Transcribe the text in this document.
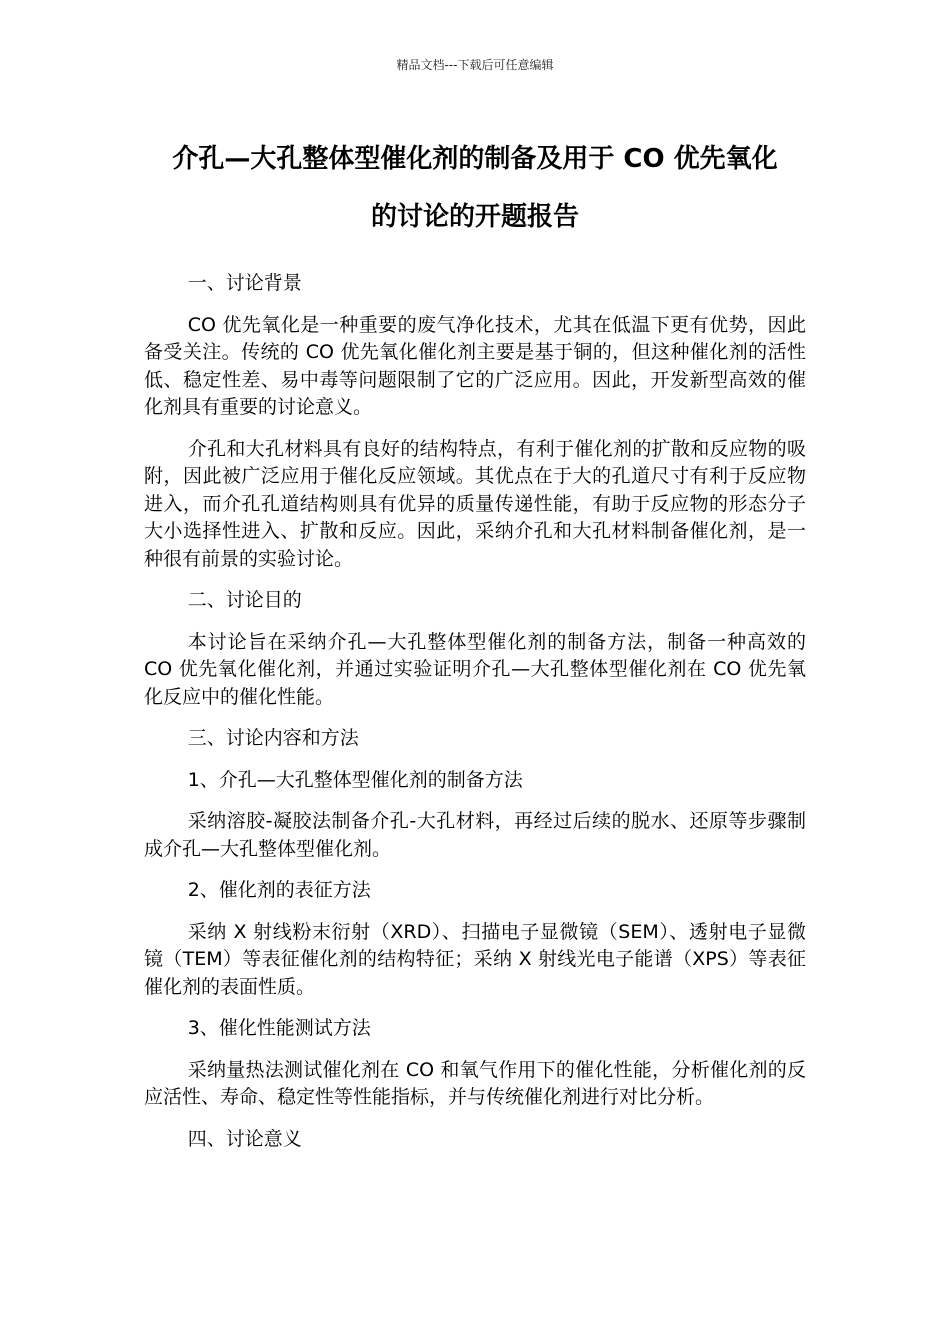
精品文档---下载后可任意编辑
介孔—大孔整体型催化剂的制备及用于 CO 优先氧化
的讨论的开题报告
一、讨论背景

CO 优先氧化是一种重要的废气净化技术，尤其在低温下更有优势，因此备受关注。传统的 CO 优先氧化催化剂主要是基于铜的，但这种催化剂的活性低、稳定性差、易中毒等问题限制了它的广泛应用。因此，开发新型高效的催化剂具有重要的讨论意义。

介孔和大孔材料具有良好的结构特点，有利于催化剂的扩散和反应物的吸附，因此被广泛应用于催化反应领域。其优点在于大的孔道尺寸有利于反应物进入，而介孔孔道结构则具有优异的质量传递性能，有助于反应物的形态分子大小选择性进入、扩散和反应。因此，采纳介孔和大孔材料制备催化剂，是一种很有前景的实验讨论。

二、讨论目的

本讨论旨在采纳介孔—大孔整体型催化剂的制备方法，制备一种高效的 CO 优先氧化催化剂，并通过实验证明介孔—大孔整体型催化剂在 CO 优先氧化反应中的催化性能。

三、讨论内容和方法
1、介孔—大孔整体型催化剂的制备方法

采纳溶胶-凝胶法制备介孔-大孔材料，再经过后续的脱水、还原等步骤制成介孔—大孔整体型催化剂。

2、催化剂的表征方法

采纳 X 射线粉末衍射（XRD）、扫描电子显微镜（SEM）、透射电子显微镜（TEM）等表征催化剂的结构特征；采纳 X 射线光电子能谱（XPS）等表征催化剂的表面性质。

3、催化性能测试方法

采纳量热法测试催化剂在 CO 和氧气作用下的催化性能，分析催化剂的反应活性、寿命、稳定性等性能指标，并与传统催化剂进行对比分析。

四、讨论意义
